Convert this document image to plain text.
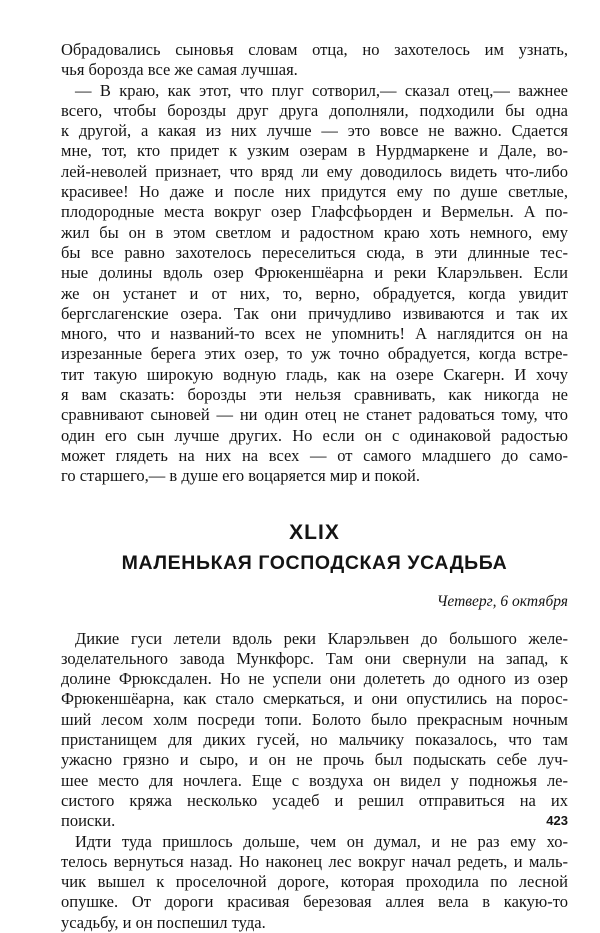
Обрадовались сыновья словам отца, но захотелось им узнать,
чья борозда все же самая лучшая.
— В краю, как этот, что плуг сотворил,— сказал отец,— важнее
всего, чтобы борозды друг друга дополняли, подходили бы одна
к другой, а какая из них лучше — это вовсе не важно. Сдается
мне, тот, кто придет к узким озерам в Нурдмаркене и Дале, во-
лей-неволей признает, что вряд ли ему доводилось видеть что-либо
красивее! Но даже и после них придутся ему по душе светлые,
плодородные места вокруг озер Глафсфьорден и Вермельн. А по-
жил бы он в этом светлом и радостном краю хоть немного, ему
бы все равно захотелось переселиться сюда, в эти длинные тес-
ные долины вдоль озер Фрюкеншёарна и реки Кларэльвен. Если
же он устанет и от них, то, верно, обрадуется, когда увидит
бергслагенские озера. Так они причудливо извиваются и так их
много, что и названий-то всех не упомнить! А наглядится он на
изрезанные берега этих озер, то уж точно обрадуется, когда встре-
тит такую широкую водную гладь, как на озере Скагерн. И хочу
я вам сказать: борозды эти нельзя сравнивать, как никогда не
сравнивают сыновей — ни один отец не станет радоваться тому, что
один его сын лучше других. Но если он с одинаковой радостью
может глядеть на них на всех — от самого младшего до само-
го старшего,— в душе его воцаряется мир и покой.
XLIX
МАЛЕНЬКАЯ ГОСПОДСКАЯ УСАДЬБА
Четверг, 6 октября
Дикие гуси летели вдоль реки Кларэльвен до большого желе-
зоделательного завода Мункфорс. Там они свернули на запад, к
долине Фрюксдален. Но не успели они долететь до одного из озер
Фрюкеншёарна, как стало смеркаться, и они опустились на порос-
ший лесом холм посреди топи. Болото было прекрасным ночным
пристанищем для диких гусей, но мальчику показалось, что там
ужасно грязно и сыро, и он не прочь был подыскать себе луч-
шее место для ночлега. Еще с воздуха он видел у подножья ле-
систого кряжа несколько усадеб и решил отправиться на их
поиски.
Идти туда пришлось дольше, чем он думал, и не раз ему хо-
телось вернуться назад. Но наконец лес вокруг начал редеть, и маль-
чик вышел к проселочной дороге, которая проходила по лесной
опушке. От дороги красивая березовая аллея вела в какую-то
усадьбу, и он поспешил туда.
423
